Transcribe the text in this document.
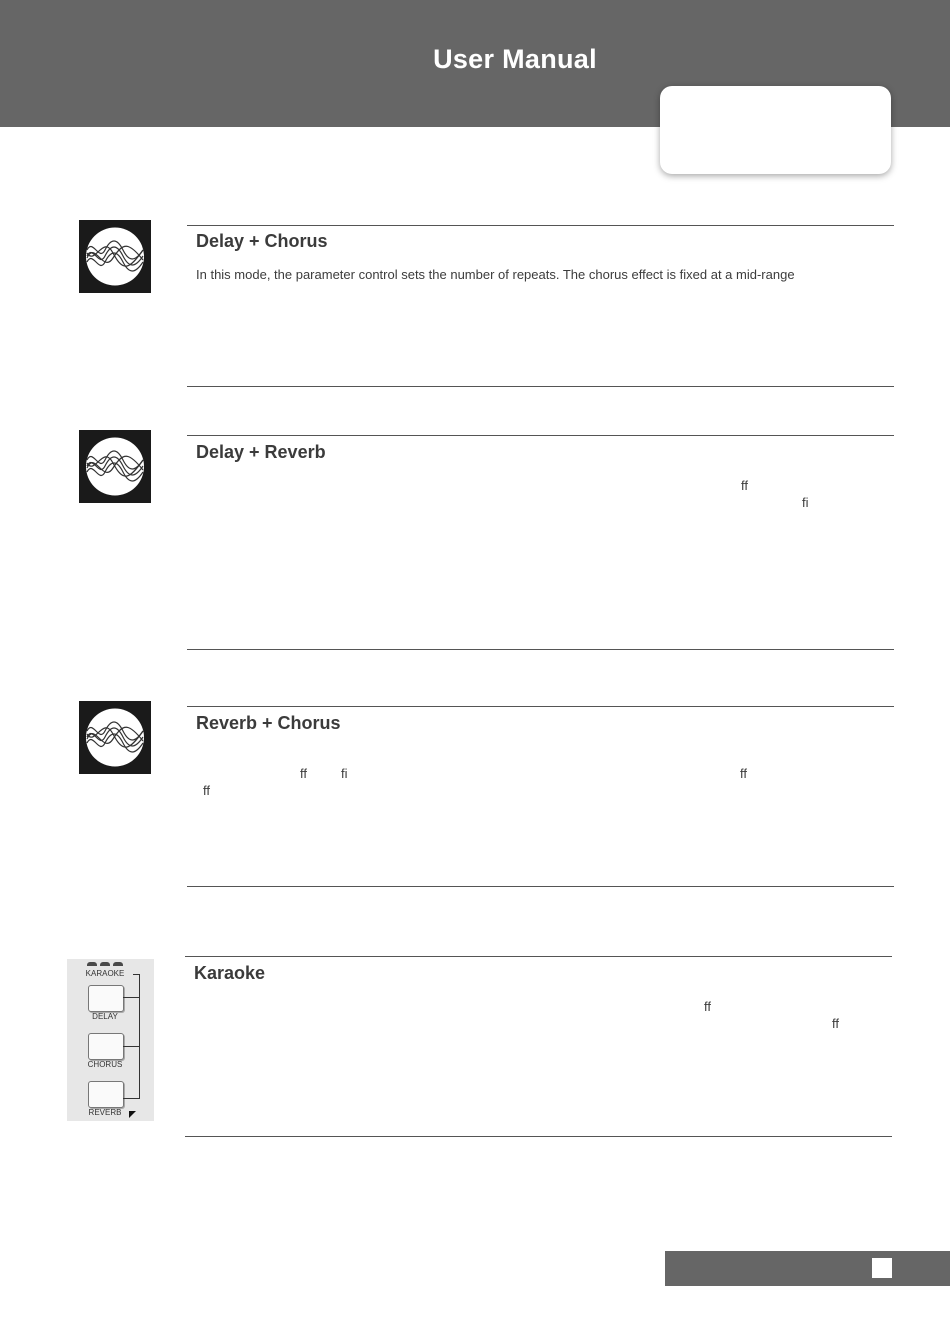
User Manual
Delay + Chorus
In this mode, the parameter control sets the number of repeats. The chorus effect is fixed at a mid-range
Delay + Reverb
ff
fi
Reverb + Chorus
ff	fi	ff
ff
KARAOKE
DELAY
CHORUS
REVERB
Karaoke
ff
ff
